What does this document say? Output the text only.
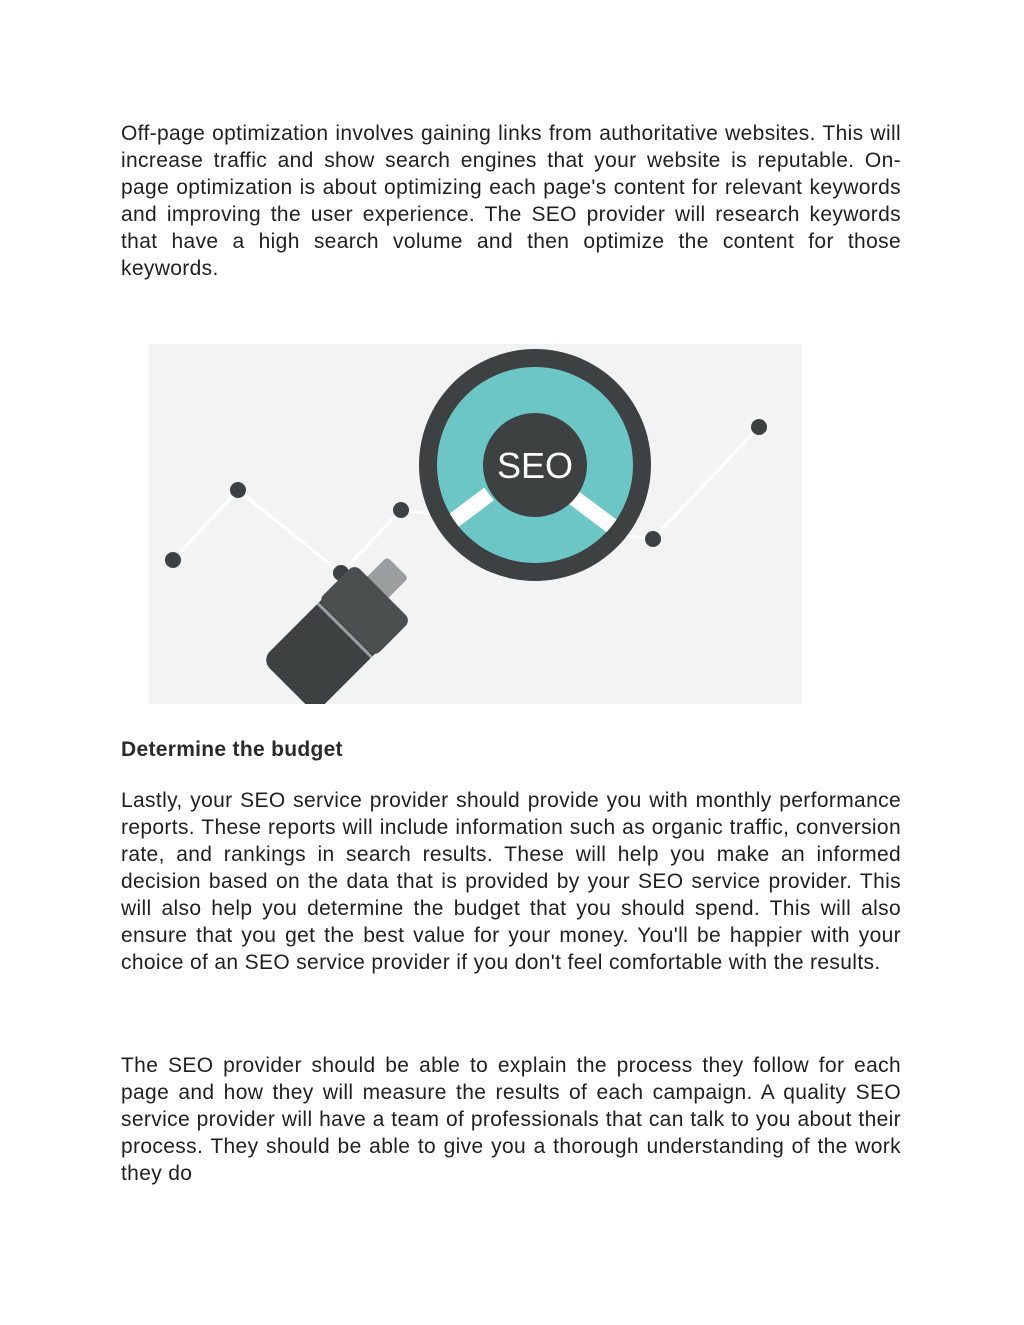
Off-page optimization involves gaining links from authoritative websites. This will increase traffic and show search engines that your website is reputable. On-page optimization is about optimizing each page's content for relevant keywords and improving the user experience. The SEO provider will research keywords that have a high search volume and then optimize the content for those keywords.

SEO
Determine the budget

Lastly, your SEO service provider should provide you with monthly performance reports. These reports will include information such as organic traffic, conversion rate, and rankings in search results. These will help you make an informed decision based on the data that is provided by your SEO service provider. This will also help you determine the budget that you should spend. This will also ensure that you get the best value for your money. You'll be happier with your choice of an SEO service provider if you don't feel comfortable with the results.

The SEO provider should be able to explain the process they follow for each page and how they will measure the results of each campaign. A quality SEO service provider will have a team of professionals that can talk to you about their process. They should be able to give you a thorough understanding of the work they do
